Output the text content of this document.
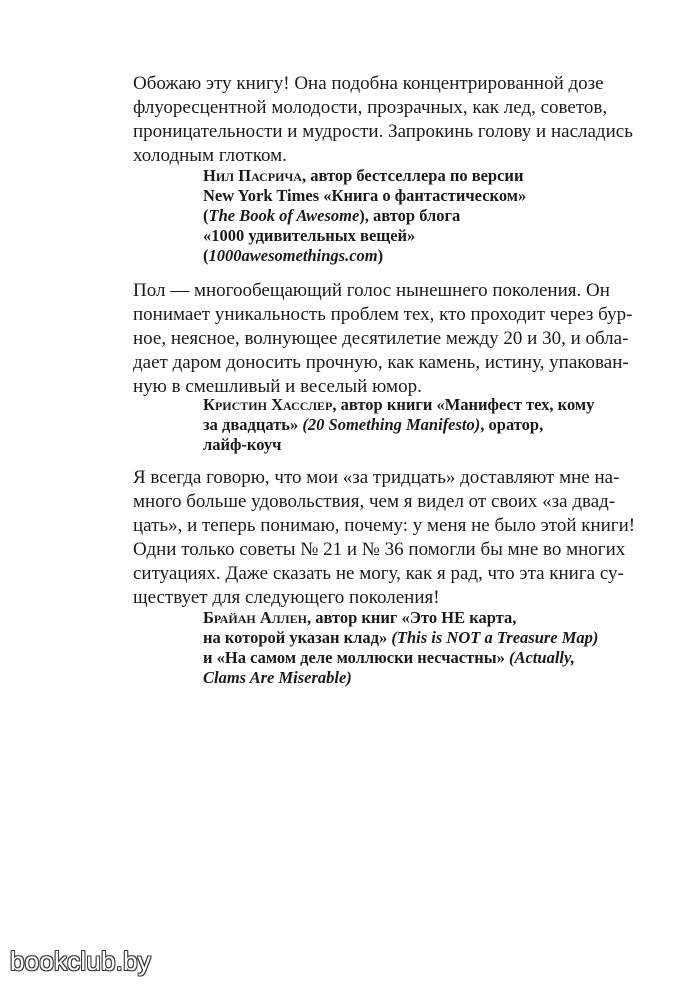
Обожаю эту книгу! Она подобна концентрированной дозе
флуоресцентной молодости, прозрачных, как лед, советов,
проницательности и мудрости. Запрокинь голову и насладись
холодным глотком.

Нил Пасрича, автор бестселлера по версии
New York Times «Книга о фантастическом»
(The Book of Awesome), автор блога
«1000 удивительных вещей»
(1000awesomethings.com)

Пол — многообещающий голос нынешнего поколения. Он
понимает уникальность проблем тех, кто проходит через бур-
ное, неясное, волнующее десятилетие между 20 и 30, и облa-
дает даром доносить прочную, как камень, истину, упакован-
ную в смешливый и веселый юмор.

Кристин Хасслер, автор книги «Манифест тех, кому
за двадцать» (20 Something Manifesto), оратор,
лайф-коуч

Я всегда говорю, что мои «за тридцать» доставляют мне на-
много больше удовольствия, чем я видел от своих «за двад-
цать», и теперь понимаю, почему: у меня не было этой книги!
Одни только советы № 21 и № 36 помогли бы мне во многих
ситуациях. Даже сказать не могу, как я рад, что эта книга су-
ществует для следующего поколения!

Брайан Аллен, автор книг «Это НЕ карта,
на которой указан клад» (This is NOT a Treasure Map)
и «На самом деле моллюски несчастны» (Actually,
Clams Are Miserable)

bookclub.by
